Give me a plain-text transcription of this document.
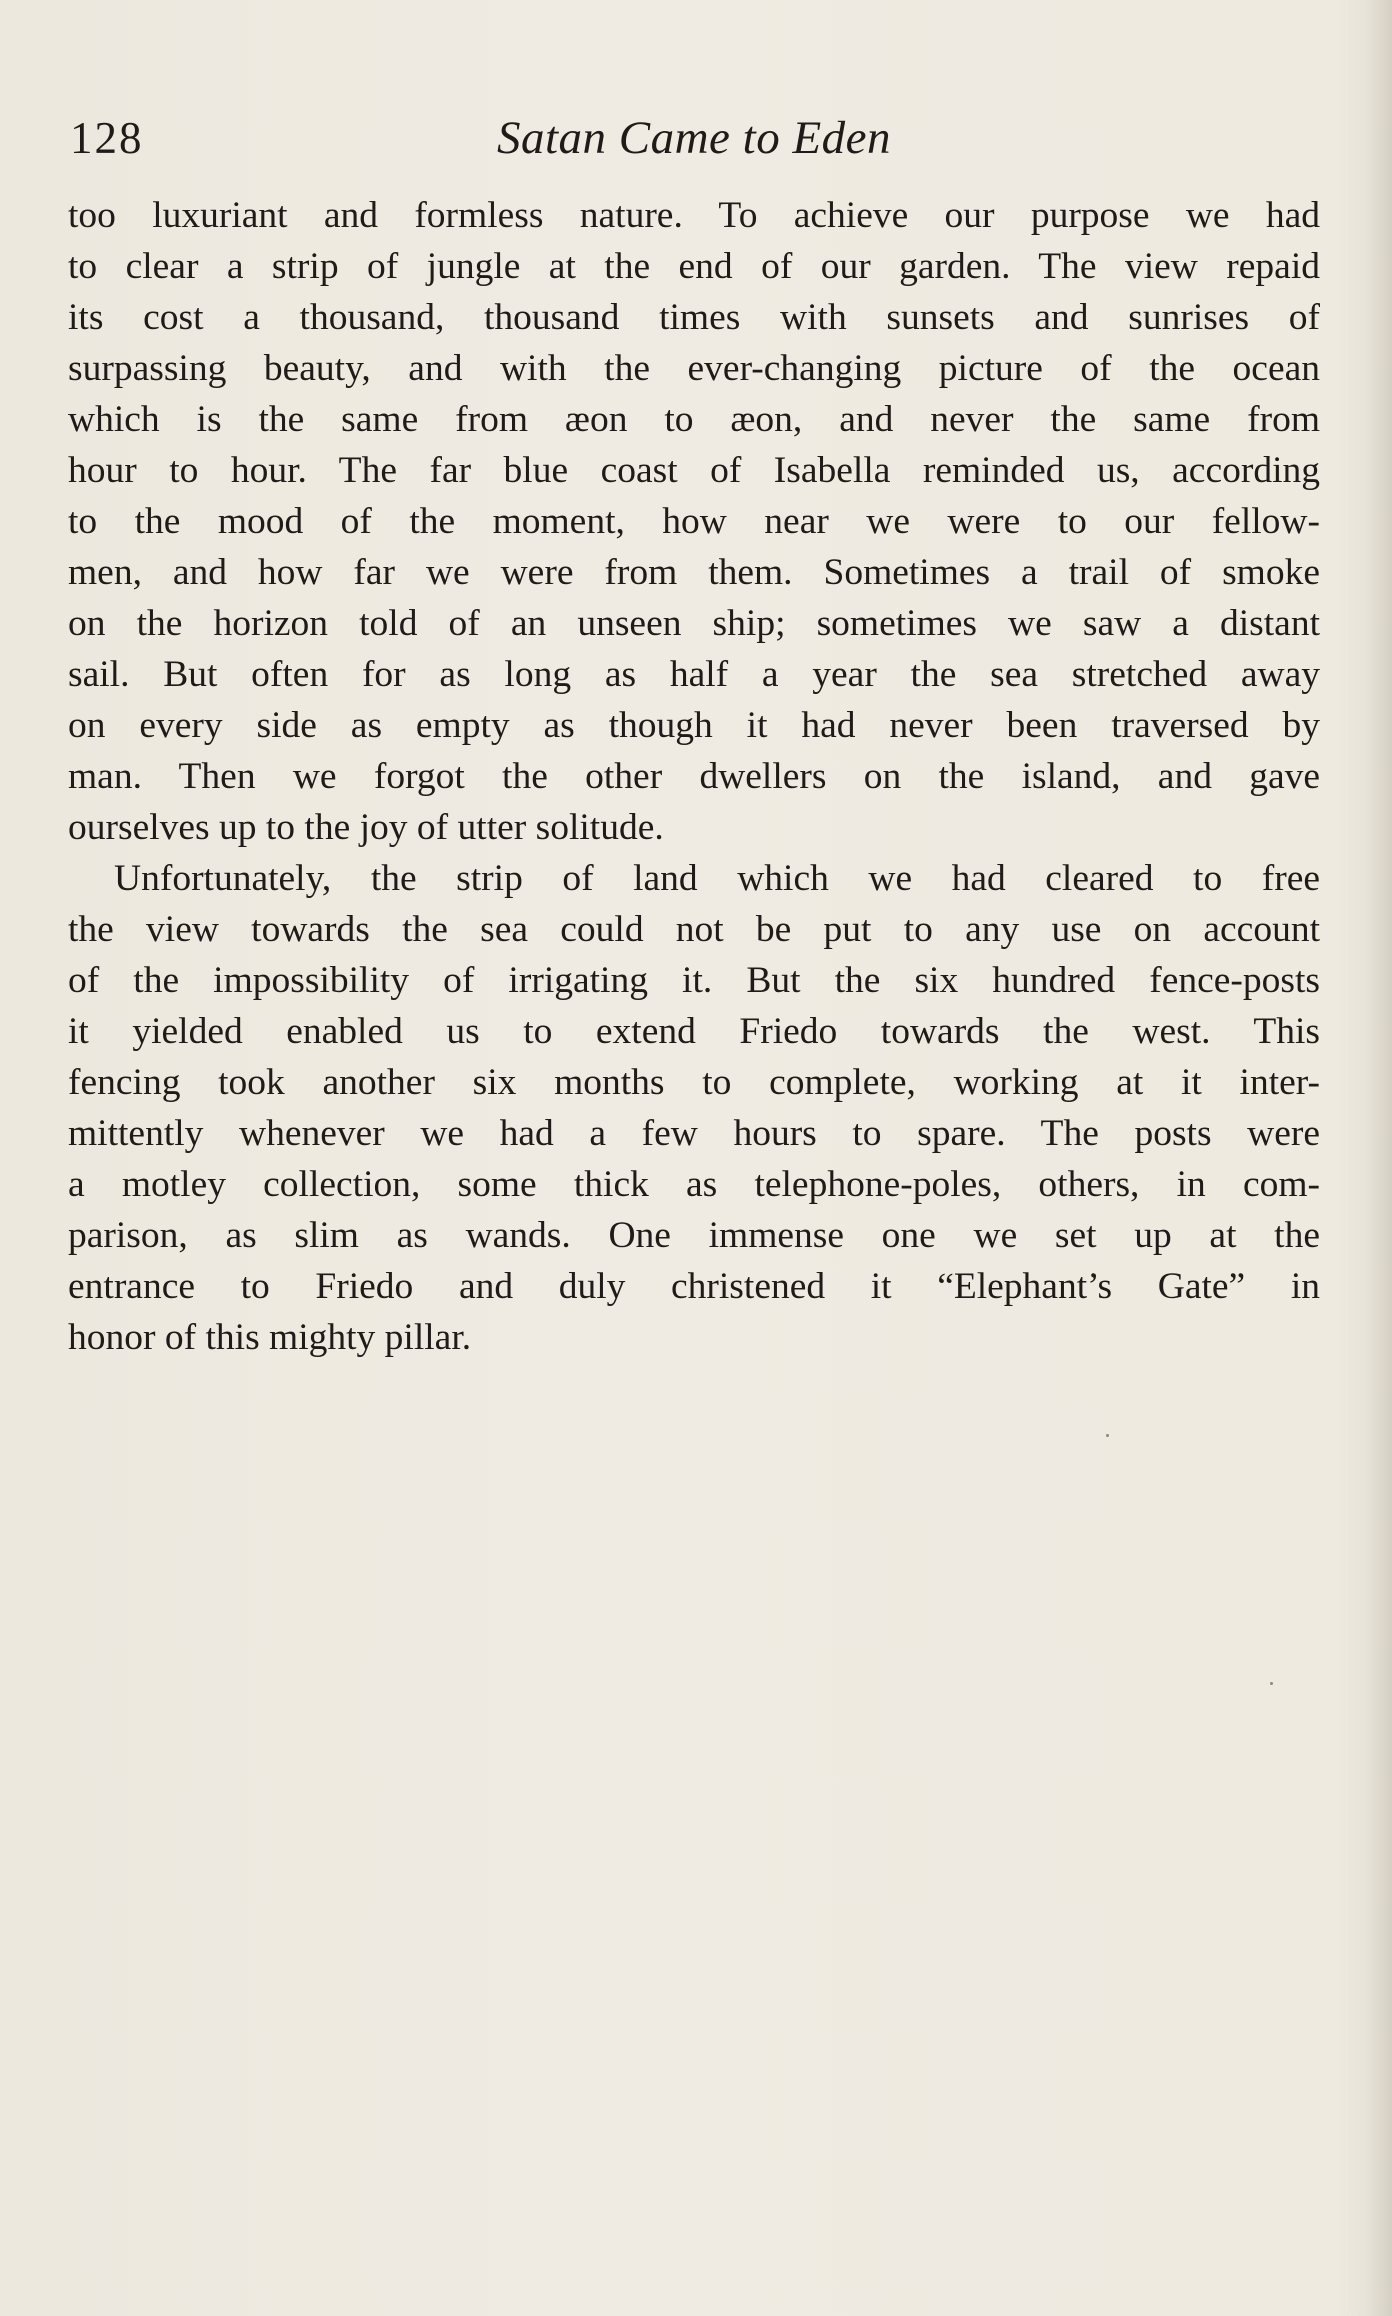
Satan Came to Eden
128
too luxuriant and formless nature. To achieve our purpose we had
to clear a strip of jungle at the end of our garden. The view repaid
its cost a thousand, thousand times with sunsets and sunrises of
surpassing beauty, and with the ever-changing picture of the ocean
which is the same from æon to æon, and never the same from
hour to hour. The far blue coast of Isabella reminded us, according
to the mood of the moment, how near we were to our fellow-
men, and how far we were from them. Sometimes a trail of smoke
on the horizon told of an unseen ship; sometimes we saw a distant
sail. But often for as long as half a year the sea stretched away
on every side as empty as though it had never been traversed by
man. Then we forgot the other dwellers on the island, and gave
ourselves up to the joy of utter solitude.
Unfortunately, the strip of land which we had cleared to free
the view towards the sea could not be put to any use on account
of the impossibility of irrigating it. But the six hundred fence-posts
it yielded enabled us to extend Friedo towards the west. This
fencing took another six months to complete, working at it inter-
mittently whenever we had a few hours to spare. The posts were
a motley collection, some thick as telephone-poles, others, in com-
parison, as slim as wands. One immense one we set up at the
entrance to Friedo and duly christened it “Elephant’s Gate” in
honor of this mighty pillar.
